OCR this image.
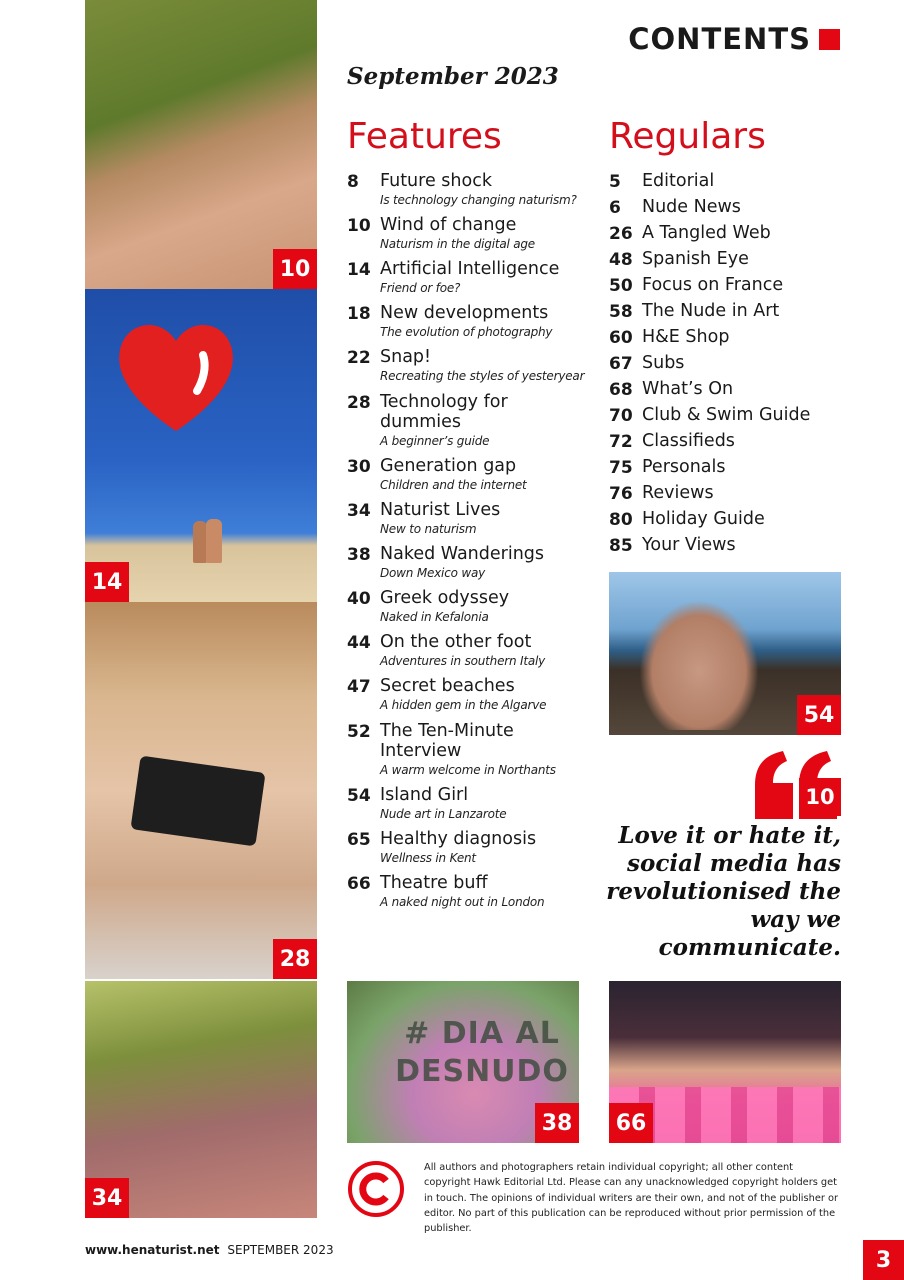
10
14
28
34
CONTENTS
September 2023
Features	Regulars
8 Future shock
Is technology changing naturism?
10 Wind of change
Naturism in the digital age
14 Artificial Intelligence
Friend or foe?
18 New developments
The evolution of photography
22 Snap!
Recreating the styles of yesteryear
28 Technology for dummies
A beginner’s guide
30 Generation gap
Children and the internet
34 Naturist Lives
New to naturism
38 Naked Wanderings
Down Mexico way
40 Greek odyssey
Naked in Kefalonia
44 On the other foot
Adventures in southern Italy
47 Secret beaches
A hidden gem in the Algarve
52 The Ten-Minute Interview
A warm welcome in Northants
54 Island Girl
Nude art in Lanzarote
65 Healthy diagnosis
Wellness in Kent
66 Theatre buff
A naked night out in London
5 Editorial
6 Nude News
26 A Tangled Web
48 Spanish Eye
50 Focus on France
58 The Nude in Art
60 H&E Shop
67 Subs
68 What’s On
70 Club & Swim Guide
72 Classifieds
75 Personals
76 Reviews
80 Holiday Guide
85 Your Views
54
10
Love it or hate it, social media has revolutionised the way we communicate.
# DIA AL DESNUDO
38	66
All authors and photographers retain individual copyright; all other content copyright Hawk Editorial Ltd. Please can any unacknowledged copyright holders get in touch. The opinions of individual writers are their own, and not of the publisher or editor. No part of this publication can be reproduced without prior permission of the publisher.
www.henaturist.net SEPTEMBER 2023	3
